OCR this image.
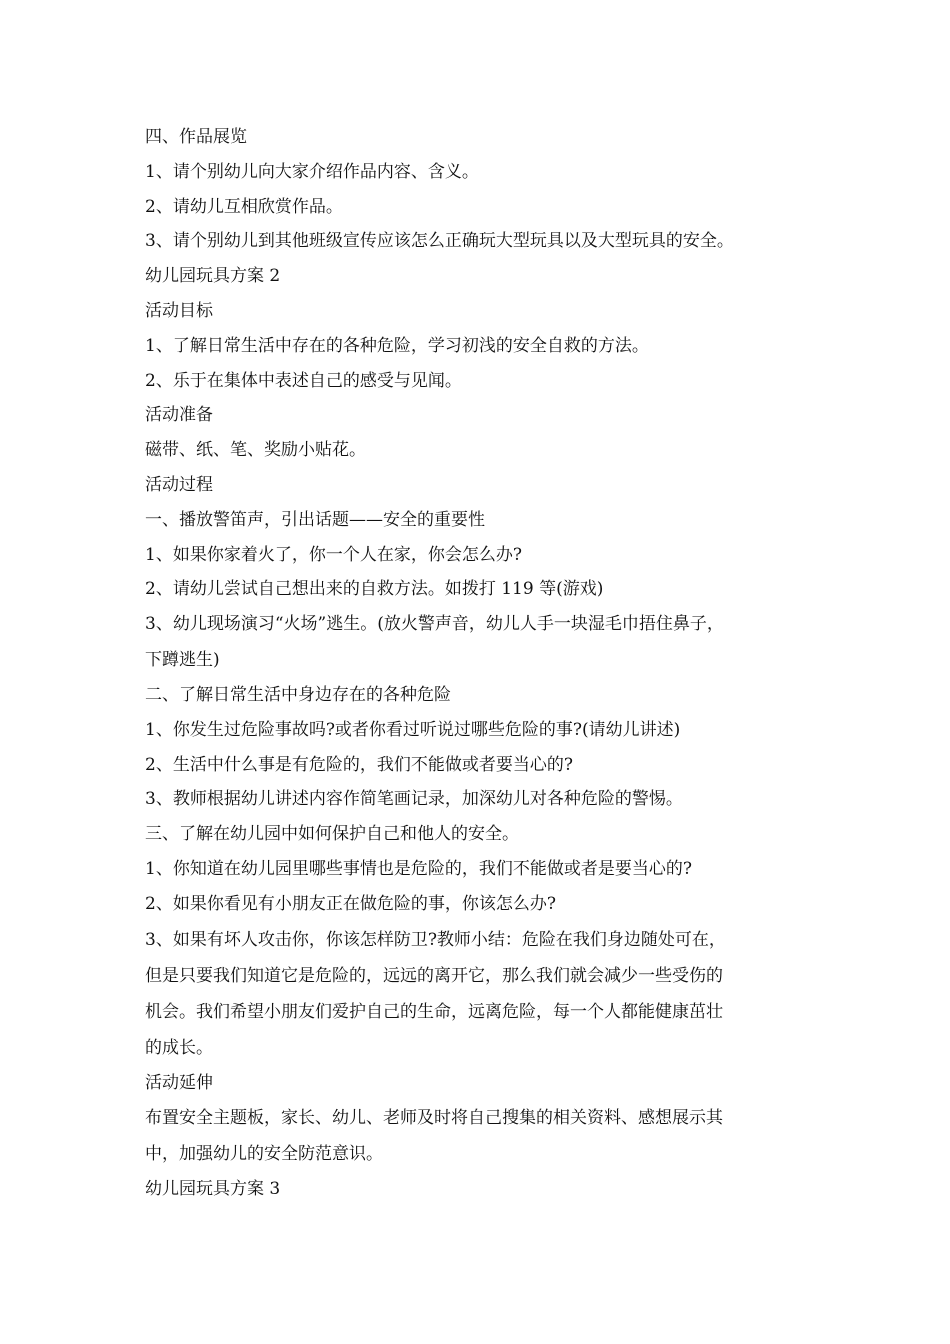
四、作品展览
1、请个别幼儿向大家介绍作品内容、含义。
2、请幼儿互相欣赏作品。
3、请个别幼儿到其他班级宣传应该怎么正确玩大型玩具以及大型玩具的安全。
幼儿园玩具方案 2
活动目标
1、了解日常生活中存在的各种危险，学习初浅的安全自救的方法。
2、乐于在集体中表述自己的感受与见闻。
活动准备
磁带、纸、笔、奖励小贴花。
活动过程
一、播放警笛声，引出话题——安全的重要性
1、如果你家着火了，你一个人在家，你会怎么办?
2、请幼儿尝试自己想出来的自救方法。如拨打 119 等(游戏)
3、幼儿现场演习“火场”逃生。(放火警声音，幼儿人手一块湿毛巾捂住鼻子，
下蹲逃生)
二、了解日常生活中身边存在的各种危险
1、你发生过危险事故吗?或者你看过听说过哪些危险的事?(请幼儿讲述)
2、生活中什么事是有危险的，我们不能做或者要当心的?
3、教师根据幼儿讲述内容作简笔画记录，加深幼儿对各种危险的警惕。
三、了解在幼儿园中如何保护自己和他人的安全。
1、你知道在幼儿园里哪些事情也是危险的，我们不能做或者是要当心的?
2、如果你看见有小朋友正在做危险的事，你该怎么办?
3、如果有坏人攻击你，你该怎样防卫?教师小结：危险在我们身边随处可在，
但是只要我们知道它是危险的，远远的离开它，那么我们就会减少一些受伤的
机会。我们希望小朋友们爱护自己的生命，远离危险，每一个人都能健康茁壮
的成长。
活动延伸
布置安全主题板，家长、幼儿、老师及时将自己搜集的相关资料、感想展示其
中，加强幼儿的安全防范意识。
幼儿园玩具方案 3
